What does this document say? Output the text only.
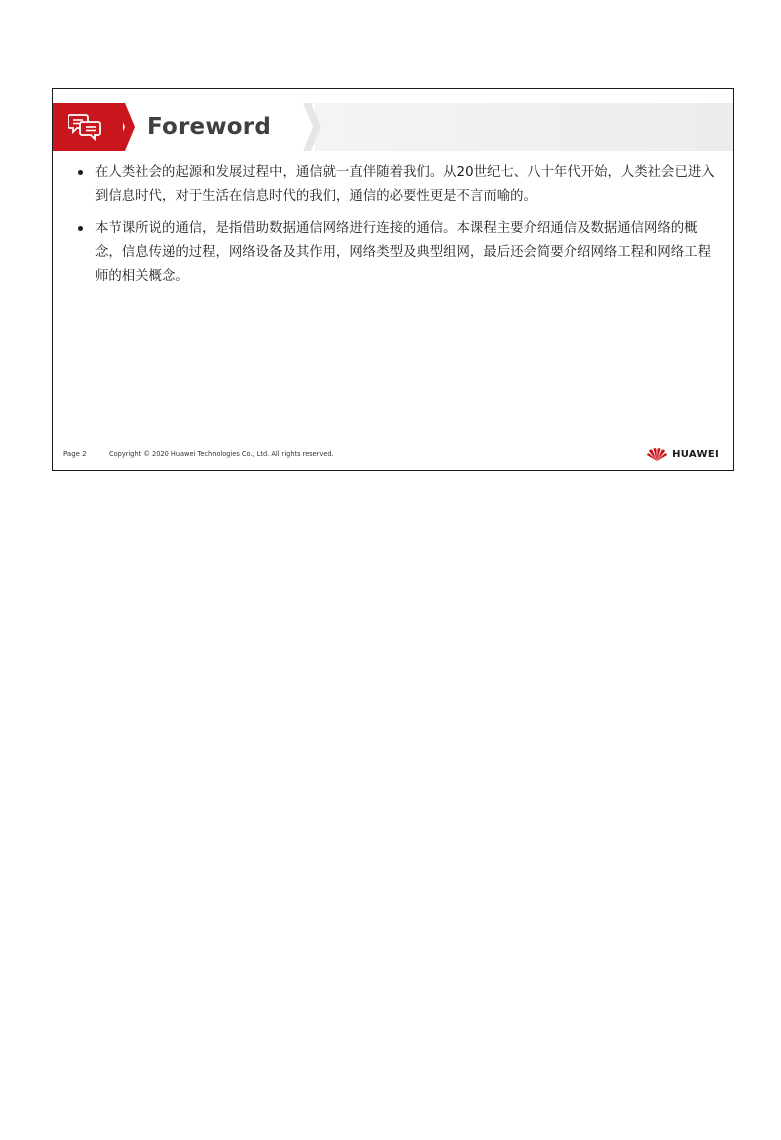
Foreword
在人类社会的起源和发展过程中，通信就一直伴随着我们。从20世纪七、八十年代开始，人类社会已进入到信息时代，对于生活在信息时代的我们，通信的必要性更是不言而喻的。
本节课所说的通信，是指借助数据通信网络进行连接的通信。本课程主要介绍通信及数据通信网络的概念，信息传递的过程，网络设备及其作用，网络类型及典型组网，最后还会简要介绍网络工程和网络工程师的相关概念。
Page 2	Copyright © 2020 Huawei Technologies Co., Ltd. All rights reserved.	HUAWEI
